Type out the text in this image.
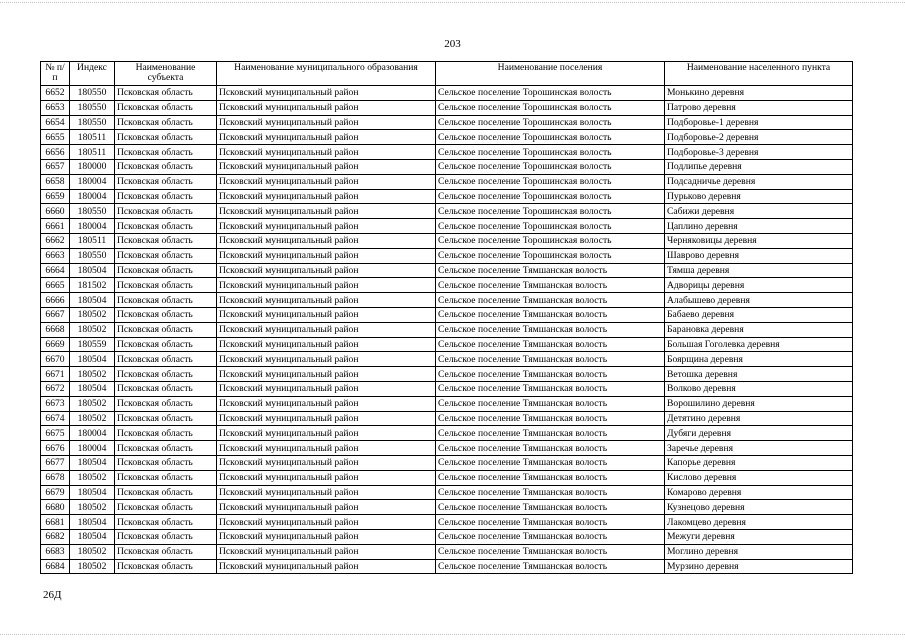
203
№ п/п	Индекс	Наименование субъекта	Наименование муниципального образования	Наименование поселения	Наименование населенного пункта
6652	180550	Псковская область	Псковский муниципальный район	Сельское поселение Торошинская волость	Монькино деревня
6653	180550	Псковская область	Псковский муниципальный район	Сельское поселение Торошинская волость	Патрово деревня
6654	180550	Псковская область	Псковский муниципальный район	Сельское поселение Торошинская волость	Подборовье-1 деревня
6655	180511	Псковская область	Псковский муниципальный район	Сельское поселение Торошинская волость	Подборовье-2 деревня
6656	180511	Псковская область	Псковский муниципальный район	Сельское поселение Торошинская волость	Подборовье-3 деревня
6657	180000	Псковская область	Псковский муниципальный район	Сельское поселение Торошинская волость	Подлипье деревня
6658	180004	Псковская область	Псковский муниципальный район	Сельское поселение Торошинская волость	Подсадничье деревня
6659	180004	Псковская область	Псковский муниципальный район	Сельское поселение Торошинская волость	Пурьково деревня
6660	180550	Псковская область	Псковский муниципальный район	Сельское поселение Торошинская волость	Сабижи деревня
6661	180004	Псковская область	Псковский муниципальный район	Сельское поселение Торошинская волость	Цаплино деревня
6662	180511	Псковская область	Псковский муниципальный район	Сельское поселение Торошинская волость	Черняковицы деревня
6663	180550	Псковская область	Псковский муниципальный район	Сельское поселение Торошинская волость	Шаврово деревня
6664	180504	Псковская область	Псковский муниципальный район	Сельское поселение Тямшанская волость	Тямша деревня
6665	181502	Псковская область	Псковский муниципальный район	Сельское поселение Тямшанская волость	Адворицы деревня
6666	180504	Псковская область	Псковский муниципальный район	Сельское поселение Тямшанская волость	Алабышево деревня
6667	180502	Псковская область	Псковский муниципальный район	Сельское поселение Тямшанская волость	Бабаево деревня
6668	180502	Псковская область	Псковский муниципальный район	Сельское поселение Тямшанская волость	Барановка деревня
6669	180559	Псковская область	Псковский муниципальный район	Сельское поселение Тямшанская волость	Большая Гоголевка деревня
6670	180504	Псковская область	Псковский муниципальный район	Сельское поселение Тямшанская волость	Боярщина деревня
6671	180502	Псковская область	Псковский муниципальный район	Сельское поселение Тямшанская волость	Ветошка деревня
6672	180504	Псковская область	Псковский муниципальный район	Сельское поселение Тямшанская волость	Волково деревня
6673	180502	Псковская область	Псковский муниципальный район	Сельское поселение Тямшанская волость	Ворошилино деревня
6674	180502	Псковская область	Псковский муниципальный район	Сельское поселение Тямшанская волость	Детятино деревня
6675	180004	Псковская область	Псковский муниципальный район	Сельское поселение Тямшанская волость	Дубяги деревня
6676	180004	Псковская область	Псковский муниципальный район	Сельское поселение Тямшанская волость	Заречье деревня
6677	180504	Псковская область	Псковский муниципальный район	Сельское поселение Тямшанская волость	Капорье деревня
6678	180502	Псковская область	Псковский муниципальный район	Сельское поселение Тямшанская волость	Кислово деревня
6679	180504	Псковская область	Псковский муниципальный район	Сельское поселение Тямшанская волость	Комарово деревня
6680	180502	Псковская область	Псковский муниципальный район	Сельское поселение Тямшанская волость	Кузнецово деревня
6681	180504	Псковская область	Псковский муниципальный район	Сельское поселение Тямшанская волость	Лакомцево деревня
6682	180504	Псковская область	Псковский муниципальный район	Сельское поселение Тямшанская волость	Межуги деревня
6683	180502	Псковская область	Псковский муниципальный район	Сельское поселение Тямшанская волость	Моглино деревня
6684	180502	Псковская область	Псковский муниципальный район	Сельское поселение Тямшанская волость	Мурзино деревня
26Д
